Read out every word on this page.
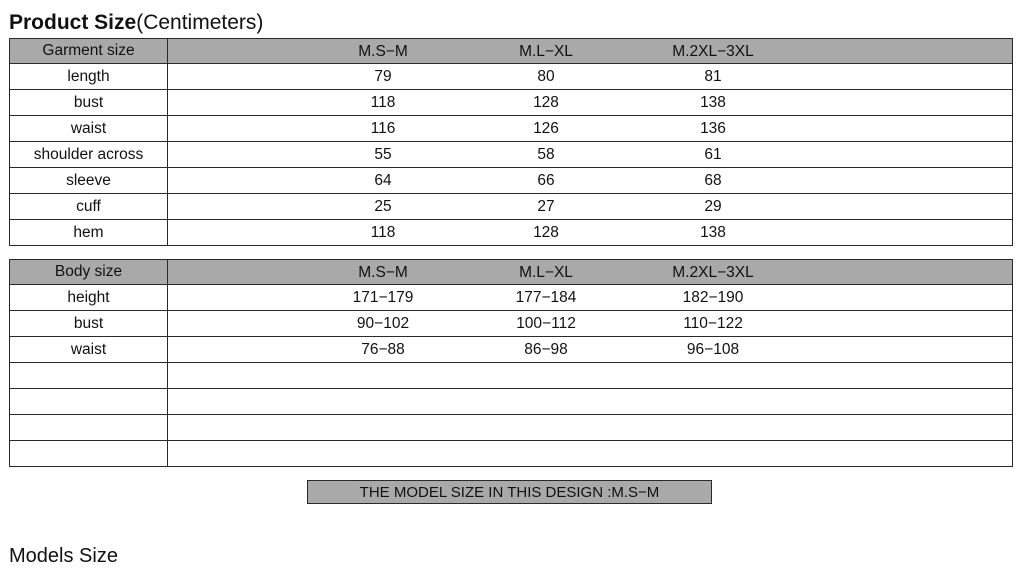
Product Size(Centimeters)
Garment size	M.S−M M.L−XL M.2XL−3XL

length	79 80 81

bust	118 128 138

waist	116 126 136

shoulder across	55 58 61

sleeve	64 66 68

cuff	25 27 29

hem	118 128 138
Body size	M.S−M M.L−XL M.2XL−3XL

height	171−179 177−184 182−190

bust	90−102 100−112 110−122

waist	76−88 86−98 96−108

THE MODEL SIZE IN THIS DESIGN :M.S−M
Models Size
